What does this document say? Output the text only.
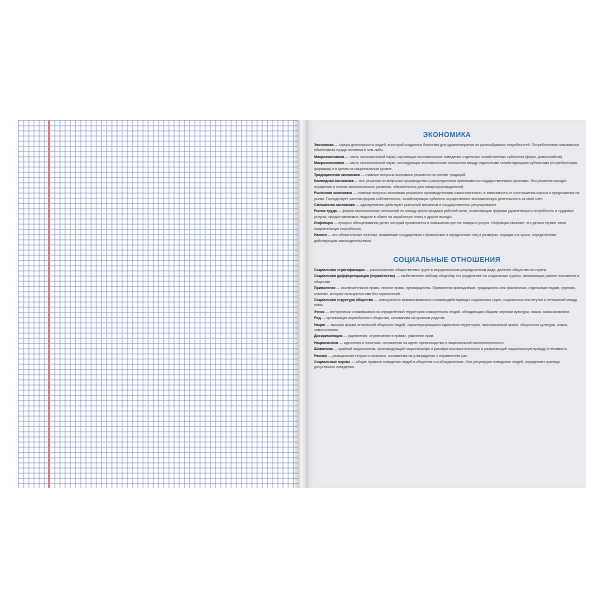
ЭКОНОМИКА

Экономика — сфера деятельности людей, в которой создаются богатства для удовлетворения их разнообразных потребностей. Потребностями называются объективная нужда человека в чем-либо.

Микроэкономика — часть экономической науки, изучающая экономическое поведение отдельных хозяйственных субъектов (фирм, домохозяйств).

Макроэкономика — часть экономической науки, исследующая экономические отношения между отдельными хозяйствующими субъектами (потребителями, фирмами) и в целом на национальном уровне.

Традиционная экономика — главные вопросы экономики решаются на основе традиций.

Командная экономика — все решения по вопросам производства и распределения принимаются государственными органами. Эти решения находят отражение в планах экономического развития, обязательных для товаропроизводителей.

Рыночная экономика — главные вопросы экономики решаются производителями самостоятельно, в зависимости от соотношения спроса и предложения на рынке. Господствует частная форма собственности, хозяйствующие субъекты осуществляют экономическую деятельность за свой счёт.

Смешанная экономика — одновременно действуют рыночный механизм и государственное регулирование.

Рынок труда — форма экономических отношений по поводу купли-продажи рабочей силы, позволяющая фирмам удовлетворять потребность в трудовых услугах, предоставляемых людьми в обмен на заработную плату и другие выгоды.

Инфляция — процесс обесценивания денег, который проявляется в повышении цен на товары и услуги. Инфляция означает, что деньги теряют свою покупательную способность.

Налоги — это обязательные платежи, взимаемые государством с физических и юридических лиц в размерах, порядке и в сроки, определённые действующим законодательством.

СОЦИАЛЬНЫЕ ОТНОШЕНИЯ

Социальная стратификация — расположение общественных групп в иерархическом упорядоченном виде; деление общества на страты.

Социальная дифференциация (неравенство) — свойственное любому обществу его разделение на социальные группы, занимающие разное положение в обществе.

Привилегия — исключительное право, личное право, преимущество. Привилегии принадлежат, традиционно или фактически, отдельным людям, группам, классам, которые пользуются ими без ограничений.

Социальная структура общества — совокупность взаимосвязанных и взаимодействующих социальных групп, социальных институтов и отношений между ними.

Этнос — исторически сложившаяся на определённой территории совокупность людей, обладающих общими чертами культуры, языка, самосознанием.

Род — организация первобытного общества, основанная на кровном родстве.

Нация — высшая форма этнической общности людей, характеризующаяся единством территории, экономической жизни, общностью культуры, языка, самосознания.

Дискриминация — ущемление, ограничение в правах, умаление прав.

Национализм — идеология и политика, основанная на идеях превосходства и национальной исключительности.

Шовинизм — крайний национализм, проповедующий национальную и расовую исключительность и разжигающий национальную вражду и ненависть.

Расизм — реакционная теория и политика, основанная на утверждении о неравенстве рас.

Социальные нормы — общие правила поведения людей в обществе и в объединениях. Они регулируют поведение людей, определяют границы допустимого поведения.
